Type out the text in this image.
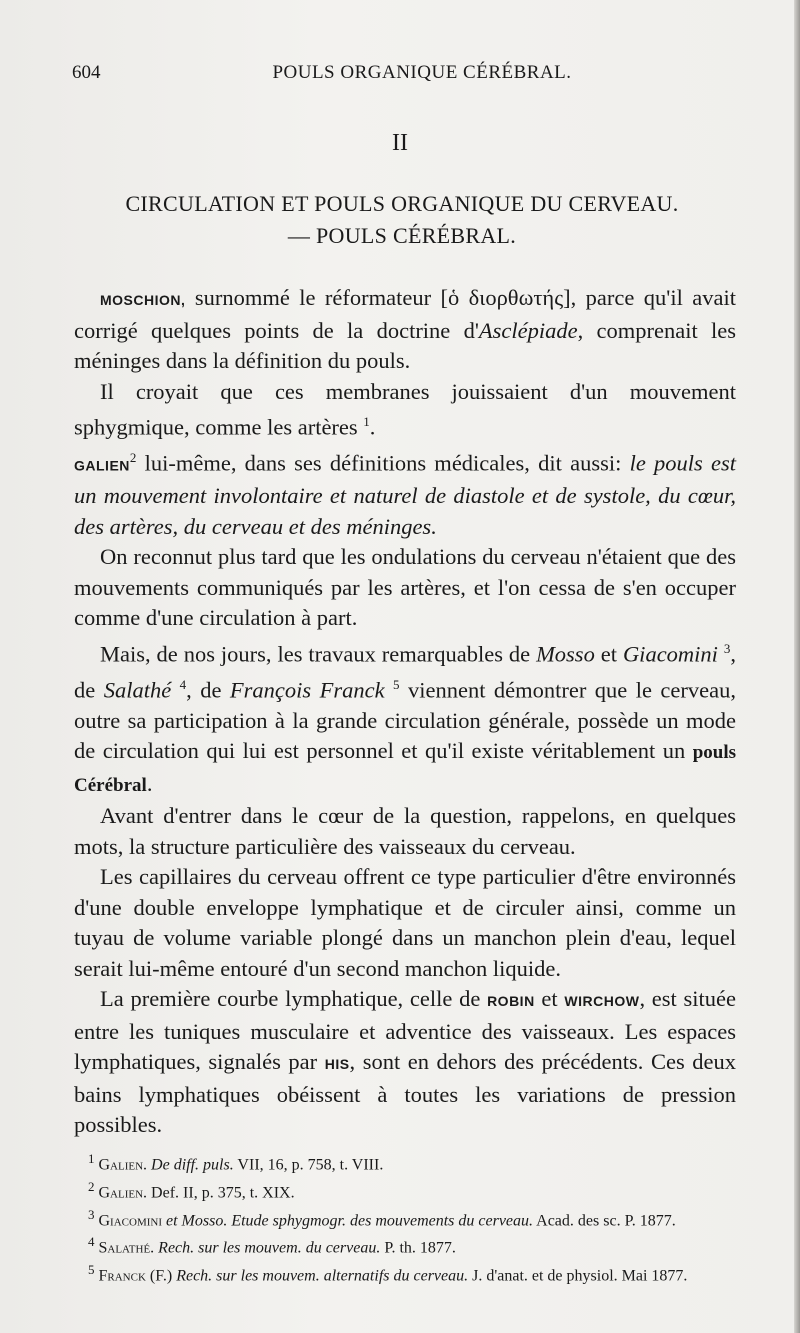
604	POULS ORGANIQUE CÉRÉBRAL.
II
CIRCULATION ET POULS ORGANIQUE DU CERVEAU.
— POULS CÉRÉBRAL.

MOSCHION, surnommé le réformateur [ὁ διορθωτής], parce qu'il avait corrigé quelques points de la doctrine d'Asclépiade, comprenait les méninges dans la définition du pouls.

Il croyait que ces membranes jouissaient d'un mouvement sphygmique, comme les artères $^1$.

GALIEN$^2$ lui-même, dans ses définitions médicales, dit aussi: le pouls est un mouvement involontaire et naturel de diastole et de systole, du cœur, des artères, du cerveau et des méninges.

On reconnut plus tard que les ondulations du cerveau n'étaient que des mouvements communiqués par les artères, et l'on cessa de s'en occuper comme d'une circulation à part.

Mais, de nos jours, les travaux remarquables de Mosso et Giacomini $^3$, de Salathé $^4$, de François Franck $^5$ viennent démontrer que le cerveau, outre sa participation à la grande circulation générale, possède un mode de circulation qui lui est personnel et qu'il existe véritablement un pouls Cérébral.

Avant d'entrer dans le cœur de la question, rappelons, en quelques mots, la structure particulière des vaisseaux du cerveau.

Les capillaires du cerveau offrent ce type particulier d'être environnés d'une double enveloppe lymphatique et de circuler ainsi, comme un tuyau de volume variable plongé dans un manchon plein d'eau, lequel serait lui-même entouré d'un second manchon liquide.

La première courbe lymphatique, celle de ROBIN et WIRCHOW, est située entre les tuniques musculaire et adventice des vaisseaux. Les espaces lymphatiques, signalés par HIS, sont en dehors des précédents. Ces deux bains lymphatiques obéissent à toutes les variations de pression possibles.

$^1$ Galien. De diff. puls. VII, 16, p. 758, t. VIII.

$^2$ Galien. Def. II, p. 375, t. XIX.

$^3$ Giacomini et Mosso. Etude sphygmogr. des mouvements du cerveau. Acad. des sc. P. 1877.

$^4$ Salathé. Rech. sur les mouvem. du cerveau. P. th. 1877.

$^5$ Franck (F.) Rech. sur les mouvem. alternatifs du cerveau. J. d'anat. et de physiol. Mai 1877.
